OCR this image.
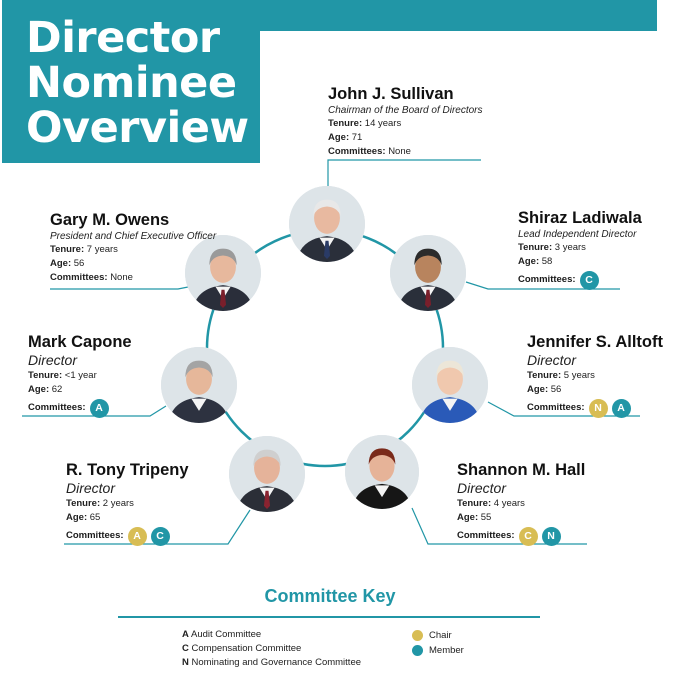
Director
Nominee
Overview
John J. Sullivan
Chairman of the Board of Directors
Tenure: 14 years
Age: 71
Committees: None
Shiraz Ladiwala
Lead Independent Director
Tenure: 3 years
Age: 58
Committees: C
Jennifer S. Alltoft
Director
Tenure: 5 years
Age: 56
Committees: N	A
Shannon M. Hall
Director
Tenure: 4 years
Age: 55
Committees: C	N
R. Tony Tripeny
Director
Tenure: 2 years
Age: 65
Committees: A	C
Mark Capone
Director
Tenure: <1 year
Age: 62
Committees: A
Gary M. Owens
President and Chief Executive Officer
Tenure: 7 years
Age: 56
Committees: None
Committee Key
A Audit Committee
C Compensation Committee
N Nominating and Governance Committee
Chair
Member
